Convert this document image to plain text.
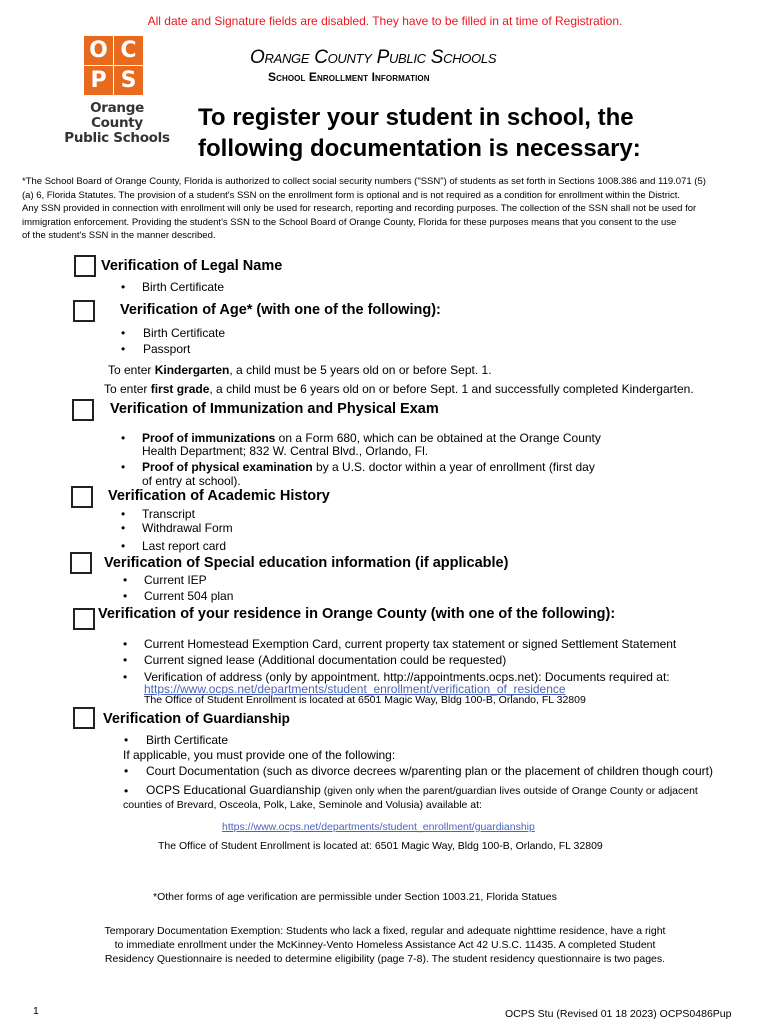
All date and Signature fields are disabled. They have to be filled in at time of Registration.
O C
P S
Orange County
Public Schools
Orange County Public Schools
School Enrollment Information
To register your student in school, the
following documentation is necessary:
*The School Board of Orange County, Florida is authorized to collect social security numbers ("SSN") of students as set forth in Sections 1008.386 and 119.071 (5)
(a) 6, Florida Statutes. The provision of a student's SSN on the enrollment form is optional and is not required as a condition for enrollment within the District.
Any SSN provided in connection with enrollment will only be used for research, reporting and recording purposes. The collection of the SSN shall not be used for
immigration enforcement. Providing the student's SSN to the School Board of Orange County, Florida for these purposes means that you consent to the use
of the student's SSN in the manner described.
Verification of Legal Name
• Birth Certificate
Verification of Age* (with one of the following):
• Birth Certificate
• Passport
To enter Kindergarten, a child must be 5 years old on or before Sept. 1.
To enter first grade, a child must be 6 years old on or before Sept. 1 and successfully completed Kindergarten.
Verification of Immunization and Physical Exam
• Proof of immunizations on a Form 680, which can be obtained at the Orange County
Health Department; 832 W. Central Blvd., Orlando, Fl.
• Proof of physical examination by a U.S. doctor within a year of enrollment (first day
of entry at school).
Verification of Academic History
• Transcript
• Withdrawal Form
• Last report card
Verification of Special education information (if applicable)
• Current IEP
• Current 504 plan
Verification of your residence in Orange County (with one of the following):
• Current Homestead Exemption Card, current property tax statement or signed Settlement Statement
• Current signed lease (Additional documentation could be requested)
• Verification of address (only by appointment. http://appointments.ocps.net): Documents required at:
https://www.ocps.net/departments/student_enrollment/verification_of_residence
The Office of Student Enrollment is located at 6501 Magic Way, Bldg 100-B, Orlando, FL 32809
Verification of Guardianship
• Birth Certificate
If applicable, you must provide one of the following:
• Court Documentation (such as divorce decrees w/parenting plan or the placement of children though court)
• OCPS Educational Guardianship (given only when the parent/guardian lives outside of Orange County or adjacent
counties of Brevard, Osceola, Polk, Lake, Seminole and Volusia) available at:
https://www.ocps.net/departments/student_enrollment/guardianship
The Office of Student Enrollment is located at: 6501 Magic Way, Bldg 100-B, Orlando, FL 32809
*Other forms of age verification are permissible under Section 1003.21, Florida Statues
Temporary Documentation Exemption: Students who lack a fixed, regular and adequate nighttime residence, have a right
to immediate enrollment under the McKinney-Vento Homeless Assistance Act 42 U.S.C. 11435. A completed Student
Residency Questionnaire is needed to determine eligibility (page 7-8). The student residency questionnaire is two pages.
1	OCPS Stu (Revised 01 18 2023) OCPS0486Pup
